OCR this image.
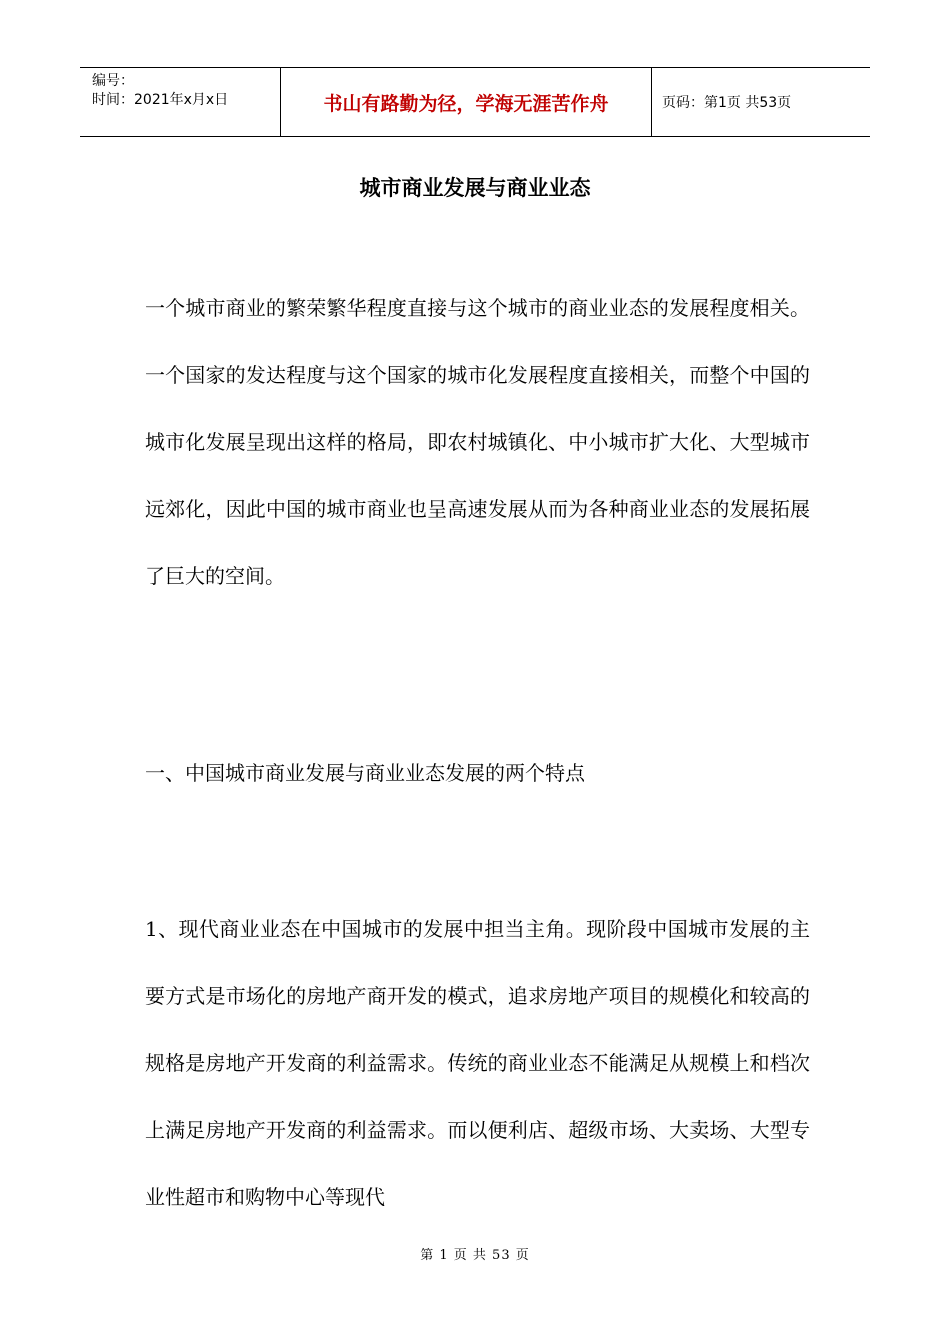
编号：
时间：2021年x月x日	书山有路勤为径，学海无涯苦作舟	页码：第1页 共53页
城市商业发展与商业业态

一个城市商业的繁荣繁华程度直接与这个城市的商业业态的发展程度相关。一个国家的发达程度与这个国家的城市化发展程度直接相关，而整个中国的城市化发展呈现出这样的格局，即农村城镇化、中小城市扩大化、大型城市远郊化，因此中国的城市商业也呈高速发展从而为各种商业业态的发展拓展了巨大的空间。

一、中国城市商业发展与商业业态发展的两个特点

1、现代商业业态在中国城市的发展中担当主角。现阶段中国城市发展的主要方式是市场化的房地产商开发的模式，追求房地产项目的规模化和较高的规格是房地产开发商的利益需求。传统的商业业态不能满足从规模上和档次上满足房地产开发商的利益需求。而以便利店、超级市场、大卖场、大型专业性超市和购物中心等现代

第 1 页 共 53 页
